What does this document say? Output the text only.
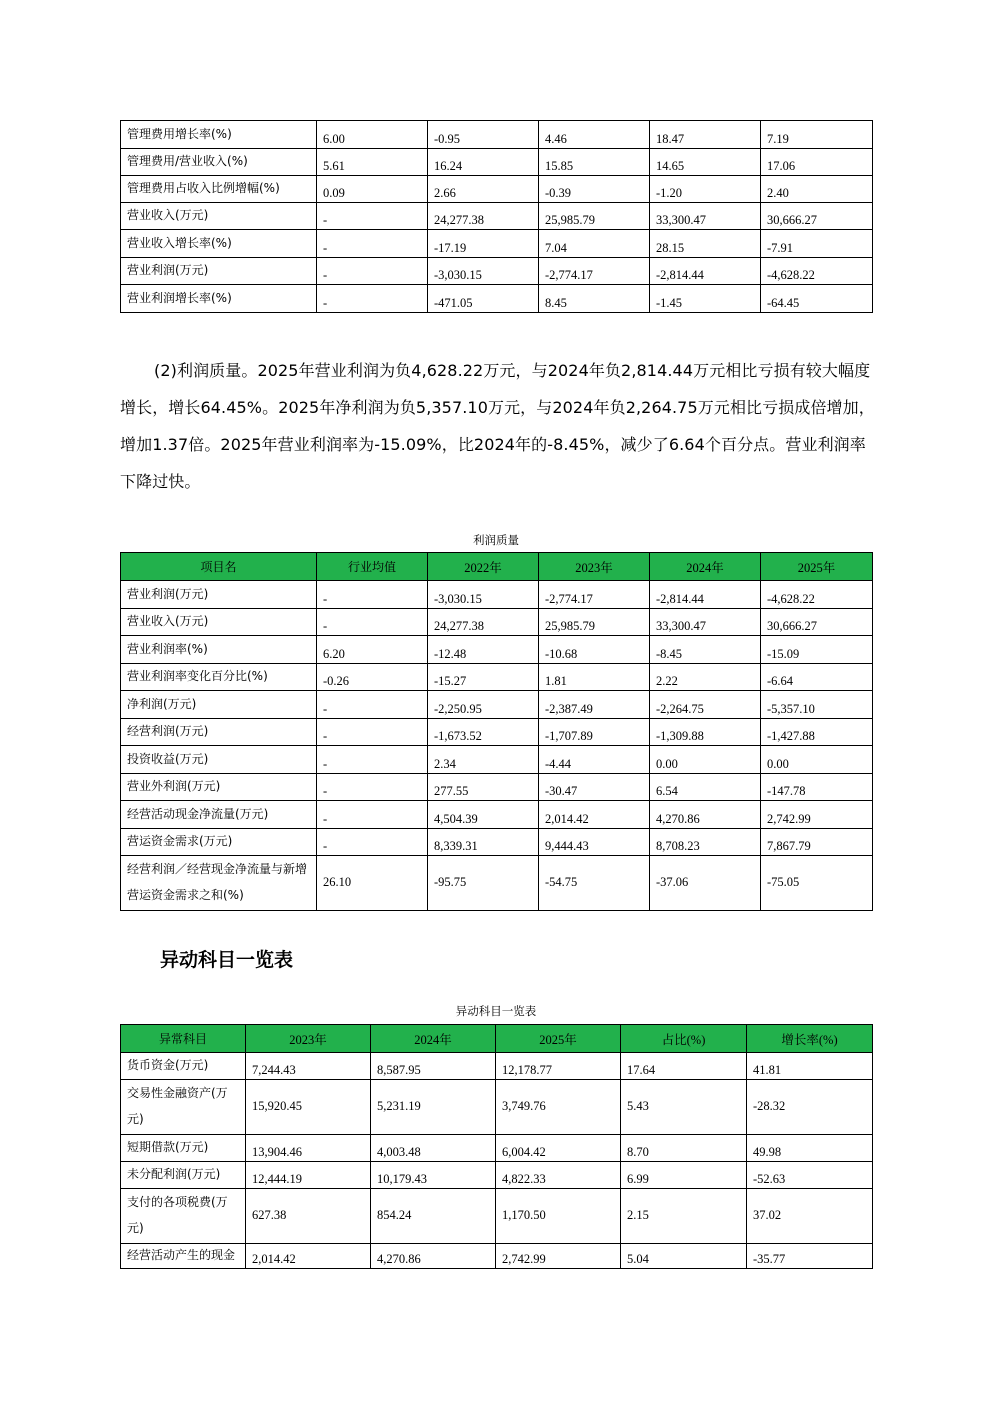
管理费用增长率(%)	6.00	-0.95	4.46	18.47	7.19
管理费用/营业收入(%)	5.61	16.24	15.85	14.65	17.06
管理费用占收入比例增幅(%)	0.09	2.66	-0.39	-1.20	2.40
营业收入(万元)	-	24,277.38	25,985.79	33,300.47	30,666.27
营业收入增长率(%)	-	-17.19	7.04	28.15	-7.91
营业利润(万元)	-	-3,030.15	-2,774.17	-2,814.44	-4,628.22
营业利润增长率(%)	-	-471.05	8.45	-1.45	-64.45
(2)利润质量。2025年营业利润为负4,628.22万元，与2024年负2,814.44万元相比亏损有较大幅度增长，增长64.45%。2025年净利润为负5,357.10万元，与2024年负2,264.75万元相比亏损成倍增加，增加1.37倍。2025年营业利润率为-15.09%，比2024年的-8.45%，减少了6.64个百分点。营业利润率下降过快。
利润质量
项目名	行业均值	2022年	2023年	2024年	2025年
营业利润(万元)	-	-3,030.15	-2,774.17	-2,814.44	-4,628.22
营业收入(万元)	-	24,277.38	25,985.79	33,300.47	30,666.27
营业利润率(%)	6.20	-12.48	-10.68	-8.45	-15.09
营业利润率变化百分比(%)	-0.26	-15.27	1.81	2.22	-6.64
净利润(万元)	-	-2,250.95	-2,387.49	-2,264.75	-5,357.10
经营利润(万元)	-	-1,673.52	-1,707.89	-1,309.88	-1,427.88
投资收益(万元)	-	2.34	-4.44	0.00	0.00
营业外利润(万元)	-	277.55	-30.47	6.54	-147.78
经营活动现金净流量(万元)	-	4,504.39	2,014.42	4,270.86	2,742.99
营运资金需求(万元)	-	8,339.31	9,444.43	8,708.23	7,867.79
经营利润／经营现金净流量与新增营运资金需求之和(%)	26.10	-95.75	-54.75	-37.06	-75.05
异动科目一览表
异动科目一览表
异常科目	2023年	2024年	2025年	占比(%)	增长率(%)
货币资金(万元)	7,244.43	8,587.95	12,178.77	17.64	41.81
交易性金融资产(万元)	15,920.45	5,231.19	3,749.76	5.43	-28.32
短期借款(万元)	13,904.46	4,003.48	6,004.42	8.70	49.98
未分配利润(万元)	12,444.19	10,179.43	4,822.33	6.99	-52.63
支付的各项税费(万元)	627.38	854.24	1,170.50	2.15	37.02
经营活动产生的现金	2,014.42	4,270.86	2,742.99	5.04	-35.77
